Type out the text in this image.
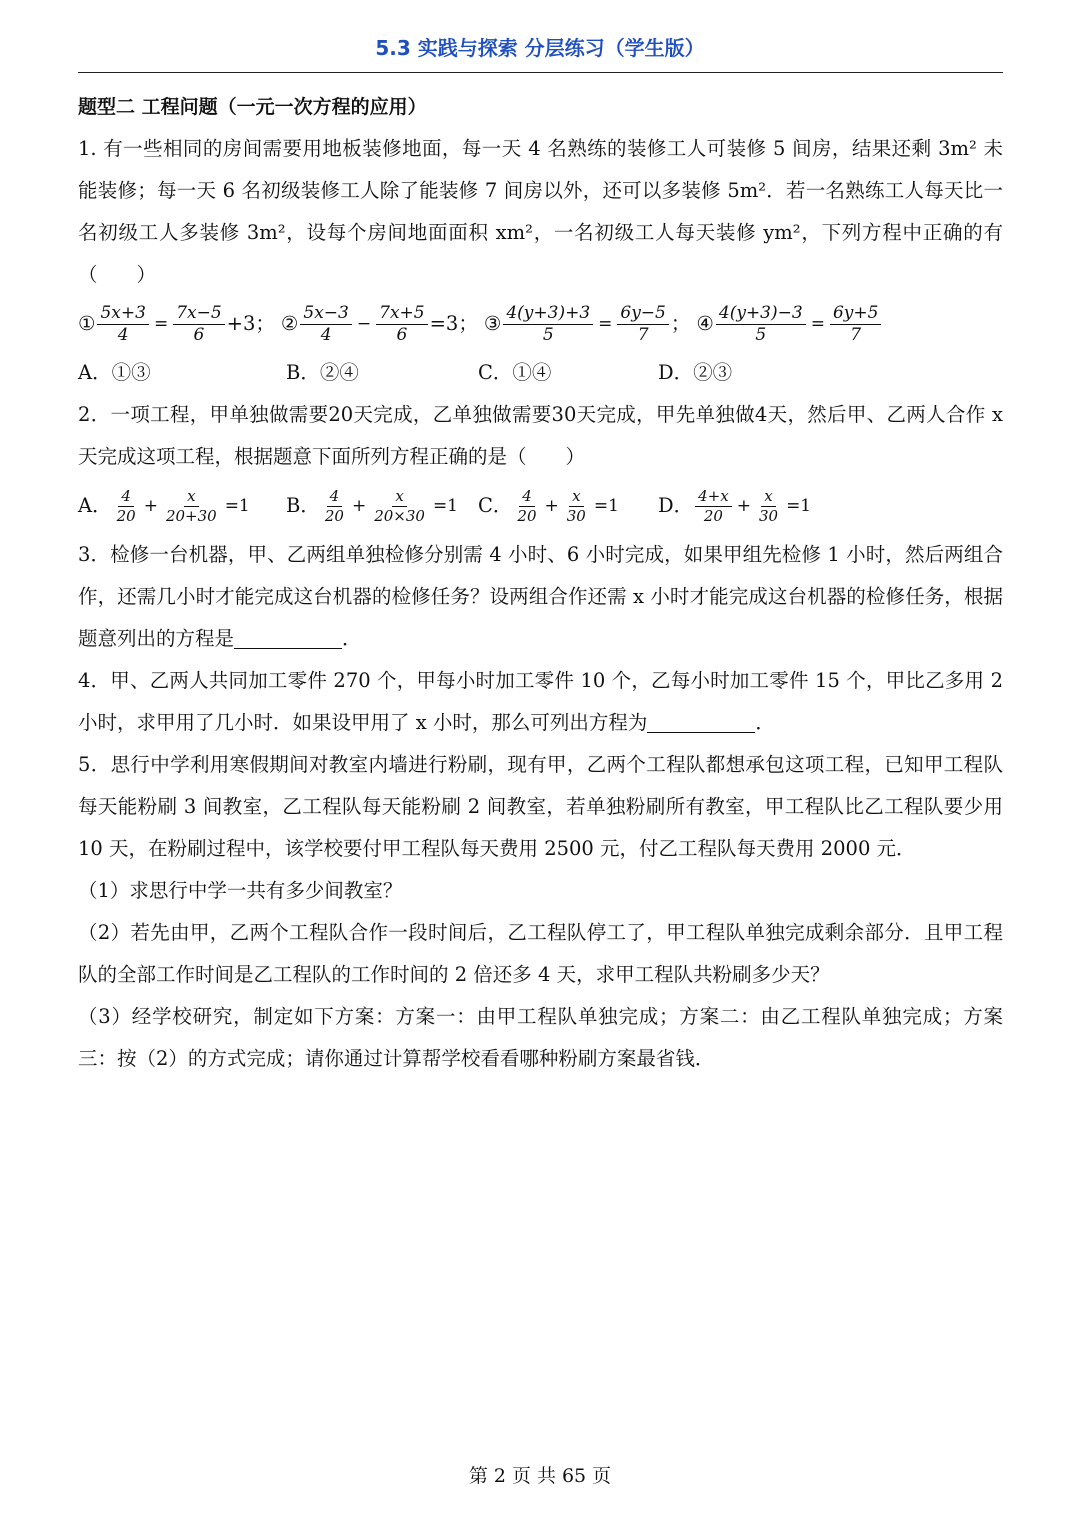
5.3 实践与探索 分层练习（学生版）
题型二 工程问题（一元一次方程的应用）

1. 有一些相同的房间需要用地板装修地面，每一天 4 名熟练的装修工人可装修 5 间房，结果还剩 3m² 未能装修；每一天 6 名初级装修工人除了能装修 7 间房以外，还可以多装修 5m²．若一名熟练工人每天比一名初级工人多装修 3m²，设每个房间地面面积 xm²，一名初级工人每天装修 ym²，下列方程中正确的有（　　）

① $\frac{5x+3}{4} = \frac{7x-5}{6} +3$； ② $\frac{5x-3}{4} - \frac{7x+5}{6} =3$； ③ $\frac{4(y+3)+3}{5} = \frac{6y-5}{7}$ ； ④ $\frac{4(y+3)-3}{5} = \frac{6y+5}{7}$
A．①③	B．②④	C．①④	D．②③

2．一项工程，甲单独做需要20天完成，乙单独做需要30天完成，甲先单独做4天，然后甲、乙两人合作 x 天完成这项工程，根据题意下面所列方程正确的是（　　）

A． $\frac{4}{20} + \frac{x}{20+30} =1$ B． $\frac{4}{20} + \frac{x}{20\times 30} =1$ C． $\frac{4}{20} + \frac{x}{30} =1$ D． $\frac{4+x}{20} + \frac{x}{30} =1$

3．检修一台机器，甲、乙两组单独检修分别需 4 小时、6 小时完成，如果甲组先检修 1 小时，然后两组合作，还需几小时才能完成这台机器的检修任务？设两组合作还需 x 小时才能完成这台机器的检修任务，根据题意列出的方程是	．

4．甲、乙两人共同加工零件 270 个，甲每小时加工零件 10 个，乙每小时加工零件 15 个，甲比乙多用 2 小时，求甲用了几小时．如果设甲用了 x 小时，那么可列出方程为	．

5．思行中学利用寒假期间对教室内墙进行粉刷，现有甲，乙两个工程队都想承包这项工程，已知甲工程队每天能粉刷 3 间教室，乙工程队每天能粉刷 2 间教室，若单独粉刷所有教室，甲工程队比乙工程队要少用 10 天，在粉刷过程中，该学校要付甲工程队每天费用 2500 元，付乙工程队每天费用 2000 元．

（1）求思行中学一共有多少间教室？

（2）若先由甲，乙两个工程队合作一段时间后，乙工程队停工了，甲工程队单独完成剩余部分．且甲工程队的全部工作时间是乙工程队的工作时间的 2 倍还多 4 天，求甲工程队共粉刷多少天？

（3）经学校研究，制定如下方案：方案一：由甲工程队单独完成；方案二：由乙工程队单独完成；方案三：按（2）的方式完成；请你通过计算帮学校看看哪种粉刷方案最省钱．

第 2 页 共 65 页
